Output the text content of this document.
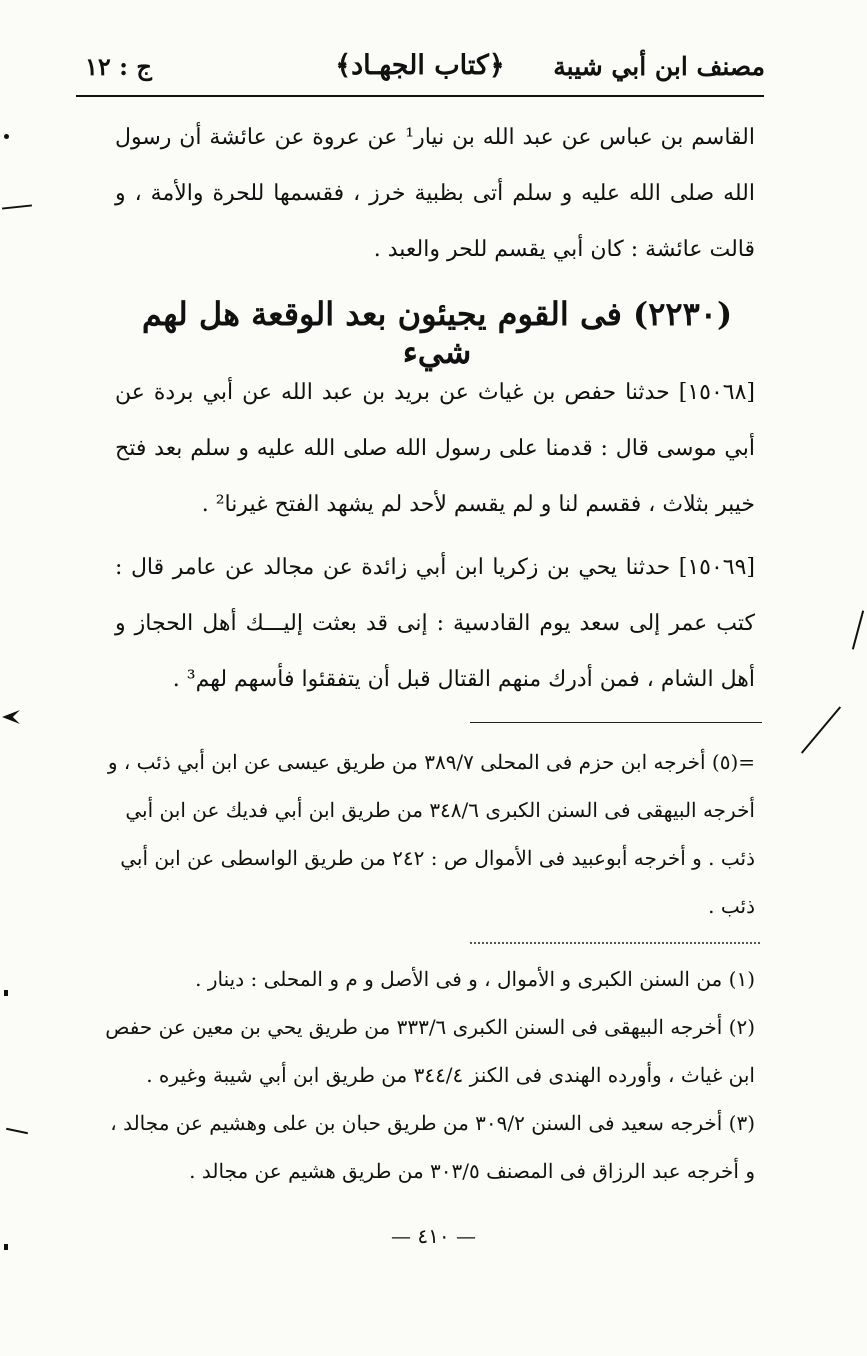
ج : ١٢	﴿كتاب الجهـاد﴾	مصنف ابن أبي شيبة
القاسم بن عباس عن عبد الله بن نيار¹ عن عروة عن عائشة أن رسول الله صلى الله عليه و سلم أتى بظبية خرز ، فقسمها للحرة والأمة ، و قالت عائشة : كان أبي يقسم للحر والعبد .
(٢٢٣٠) فى القوم يجيئون بعد الوقعة هل لهم شيء
[١٥٠٦٨] حدثنا حفص بن غياث عن بريد بن عبد الله عن أبي بردة عن أبي موسى قال : قدمنا على رسول الله صلى الله عليه و سلم بعد فتح خيبر بثلاث ، فقسم لنا و لم يقسم لأحد لم يشهد الفتح غيرنا² .
[١٥٠٦٩] حدثنا يحي بن زكريا ابن أبي زائدة عن مجالد عن عامر قال : كتب عمر إلى سعد يوم القادسية : إنى قد بعثت إليـــك أهل الحجاز و أهل الشام ، فمن أدرك منهم القتال قبل أن يتفقئوا فأسهم لهم³ .
=(٥) أخرجه ابن حزم فى المحلى ٣٨٩/٧ من طريق عيسى عن ابن أبي ذئب ، و أخرجه البيهقى فى السنن الكبرى ٣٤٨/٦ من طريق ابن أبي فديك عن ابن أبي ذئب . و أخرجه أبوعبيد فى الأموال ص : ٢٤٢ من طريق الواسطى عن ابن أبي ذئب .
(١) من السنن الكبرى و الأموال ، و فى الأصل و م و المحلى : دينار .
(٢) أخرجه البيهقى فى السنن الكبرى ٣٣٣/٦ من طريق يحي بن معين عن حفص ابن غياث ، وأورده الهندى فى الكنز ٣٤٤/٤ من طريق ابن أبي شيبة وغيره .
(٣) أخرجه سعيد فى السنن ٣٠٩/٢ من طريق حبان بن على وهشيم عن مجالد ، و أخرجه عبد الرزاق فى المصنف ٣٠٣/٥ من طريق هشيم عن مجالد .
— ٤١٠ —
